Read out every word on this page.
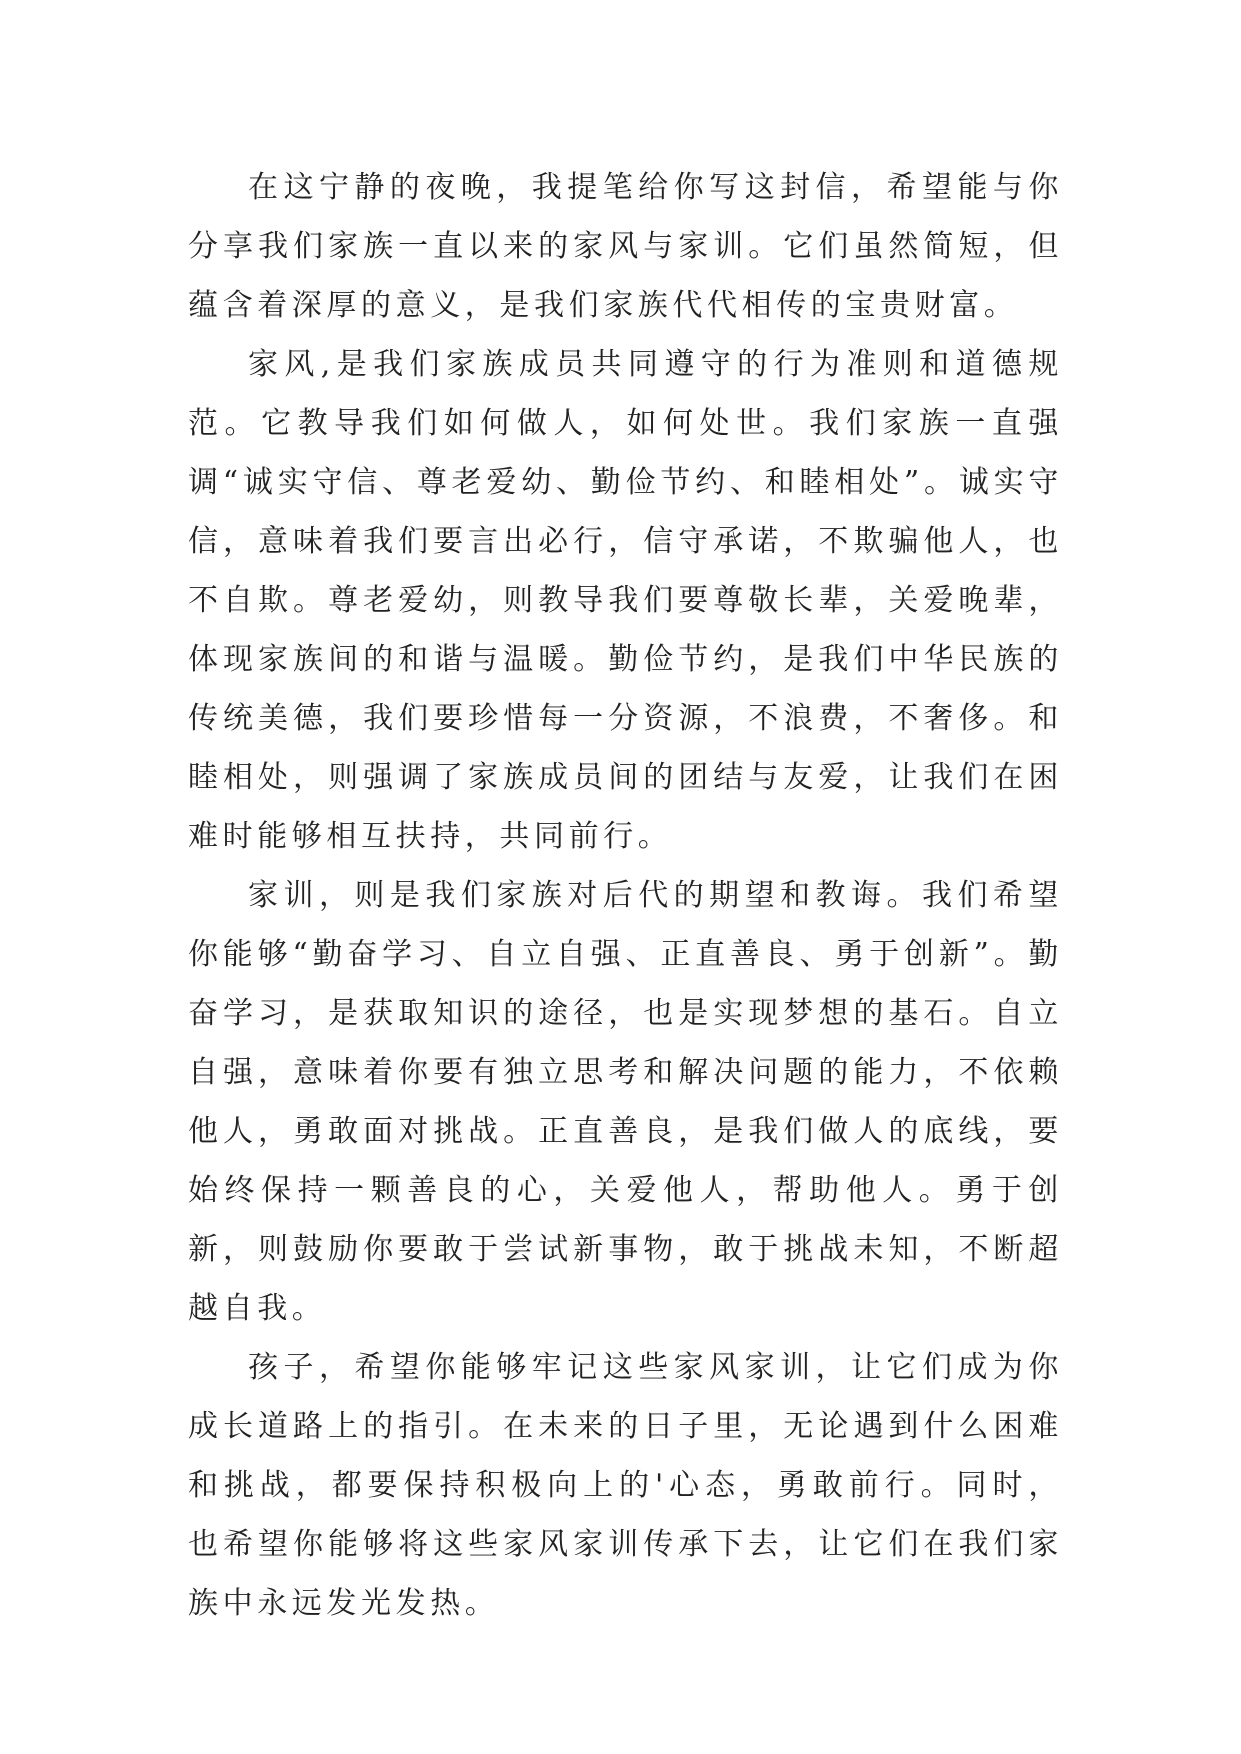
在这宁静的夜晚，我提笔给你写这封信，希望能与你分享我们家族一直以来的家风与家训。它们虽然简短，但蕴含着深厚的意义，是我们家族代代相传的宝贵财富。

家风,是我们家族成员共同遵守的行为准则和道德规范。它教导我们如何做人，如何处世。我们家族一直强调“诚实守信、尊老爱幼、勤俭节约、和睦相处”。诚实守信，意味着我们要言出必行，信守承诺，不欺骗他人，也不自欺。尊老爱幼，则教导我们要尊敬长辈，关爱晚辈，体现家族间的和谐与温暖。勤俭节约，是我们中华民族的传统美德，我们要珍惜每一分资源，不浪费，不奢侈。和睦相处，则强调了家族成员间的团结与友爱，让我们在困难时能够相互扶持，共同前行。

家训，则是我们家族对后代的期望和教诲。我们希望你能够“勤奋学习、自立自强、正直善良、勇于创新”。勤奋学习，是获取知识的途径，也是实现梦想的基石。自立自强，意味着你要有独立思考和解决问题的能力，不依赖他人，勇敢面对挑战。正直善良，是我们做人的底线，要始终保持一颗善良的心，关爱他人，帮助他人。勇于创新，则鼓励你要敢于尝试新事物，敢于挑战未知，不断超越自我。

孩子，希望你能够牢记这些家风家训，让它们成为你成长道路上的指引。在未来的日子里，无论遇到什么困难和挑战，都要保持积极向上的'心态，勇敢前行。同时，也希望你能够将这些家风家训传承下去，让它们在我们家族中永远发光发热。
